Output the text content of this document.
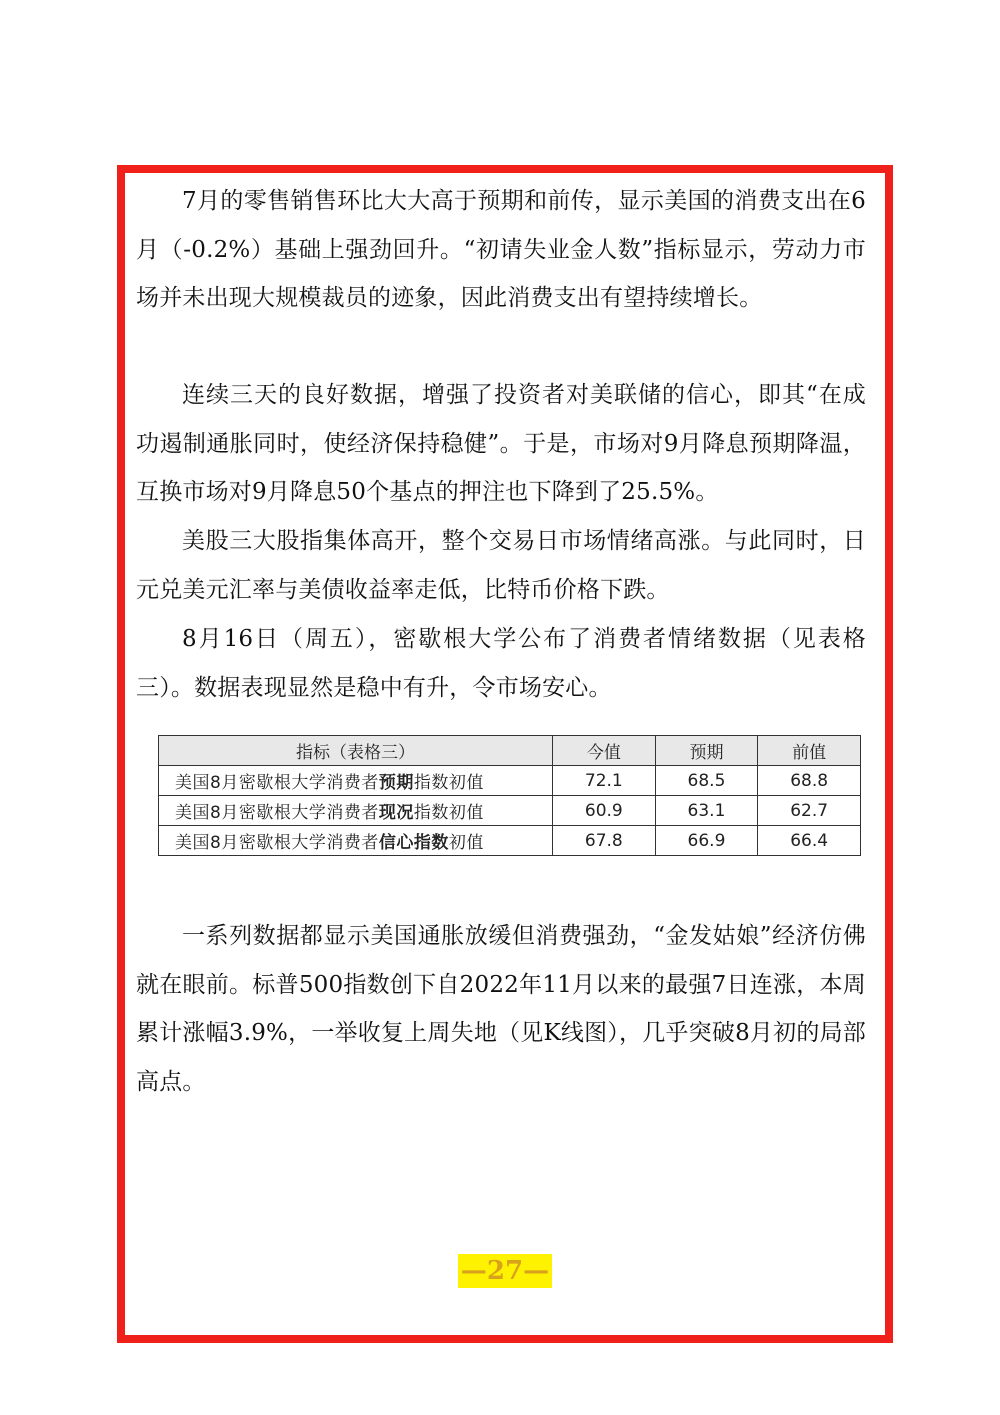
7月的零售销售环比大大高于预期和前传，显示美国的消费支出在6月（-0.2%）基础上强劲回升。“初请失业金人数”指标显示，劳动力市场并未出现大规模裁员的迹象，因此消费支出有望持续增长。

连续三天的良好数据，增强了投资者对美联储的信心，即其“在成功遏制通胀同时，使经济保持稳健”。于是，市场对9月降息预期降温，互换市场对9月降息50个基点的押注也下降到了25.5%。

美股三大股指集体高开，整个交易日市场情绪高涨。与此同时，日元兑美元汇率与美债收益率走低，比特币价格下跌。

8月16日（周五），密歇根大学公布了消费者情绪数据（见表格三）。数据表现显然是稳中有升，令市场安心。

指标（表格三）	今值	预期	前值
美国8月密歇根大学消费者预期指数初值	72.1	68.5	68.8
美国8月密歇根大学消费者现况指数初值	60.9	63.1	62.7
美国8月密歇根大学消费者信心指数初值	67.8	66.9	66.4

一系列数据都显示美国通胀放缓但消费强劲，“金发姑娘”经济仿佛就在眼前。标普500指数创下自2022年11月以来的最强7日连涨，本周累计涨幅3.9%，一举收复上周失地（见K线图），几乎突破8月初的局部高点。

—27—
